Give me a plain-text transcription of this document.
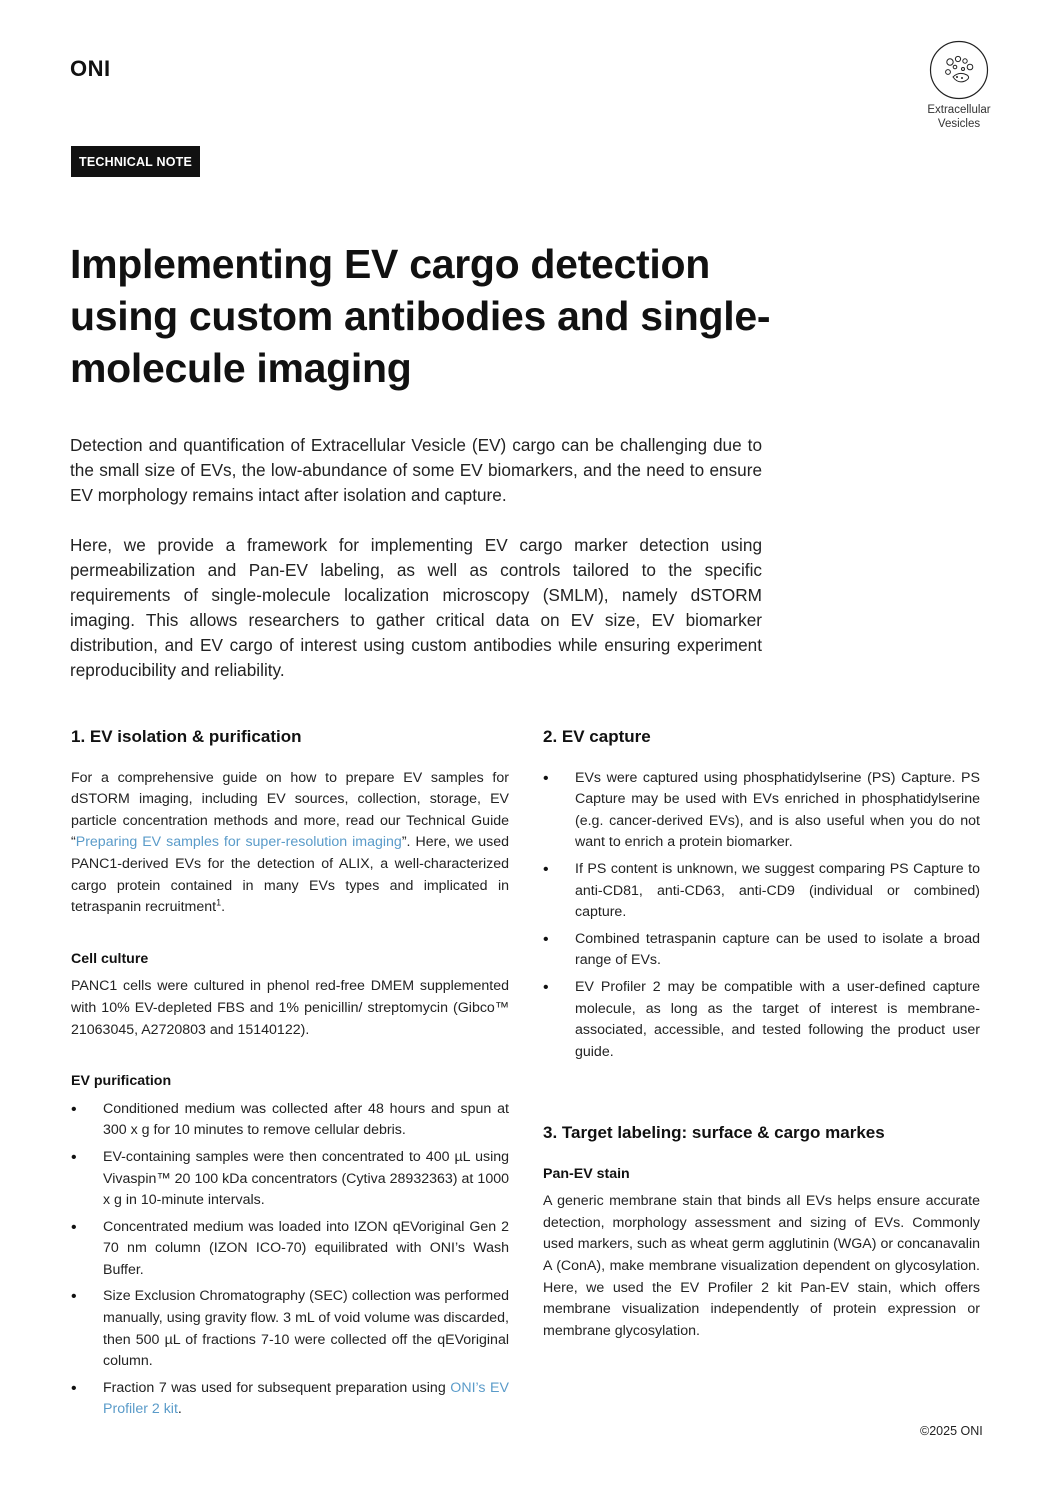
ONI
Extracellular
Vesicles
TECHNICAL NOTE
Implementing EV cargo detection using custom antibodies and single-molecule imaging

Detection and quantification of Extracellular Vesicle (EV) cargo can be challenging due to the small size of EVs, the low-abundance of some EV biomarkers, and the need to ensure EV morphology remains intact after isolation and capture.

Here, we provide a framework for implementing EV cargo marker detection using permeabilization and Pan-EV labeling, as well as controls tailored to the specific requirements of single-molecule localization microscopy (SMLM), namely dSTORM imaging. This allows researchers to gather critical data on EV size, EV biomarker distribution, and EV cargo of interest using custom antibodies while ensuring experiment reproducibility and reliability.

1. EV isolation & purification

For a comprehensive guide on how to prepare EV samples for dSTORM imaging, including EV sources, collection, storage, EV particle concentration methods and more, read our Technical Guide “Preparing EV samples for super-resolution imaging”. Here, we used PANC1-derived EVs for the detection of ALIX, a well-characterized cargo protein contained in many EVs types and implicated in tetraspanin recruitment$^1$.

Cell culture

PANC1 cells were cultured in phenol red-free DMEM supplemented with 10% EV-depleted FBS and 1% penicillin/ streptomycin (Gibco™ 21063045, A2720803 and 15140122).

EV purification
• Conditioned medium was collected after 48 hours and spun at 300 x g for 10 minutes to remove cellular debris.
• EV-containing samples were then concentrated to 400 µL using Vivaspin™ 20 100 kDa concentrators (Cytiva 28932363) at 1000 x g in 10-minute intervals.
• Concentrated medium was loaded into IZON qEVoriginal Gen 2 70 nm column (IZON ICO-70) equilibrated with ONI’s Wash Buffer.
• Size Exclusion Chromatography (SEC) collection was performed manually, using gravity flow. 3 mL of void volume was discarded, then 500 µL of fractions 7-10 were collected off the qEVoriginal column.
• Fraction 7 was used for subsequent preparation using ONI’s EV Profiler 2 kit.
2. EV capture
• EVs were captured using phosphatidylserine (PS) Capture. PS Capture may be used with EVs enriched in phosphatidylserine (e.g. cancer-derived EVs), and is also useful when you do not want to enrich a protein biomarker.
• If PS content is unknown, we suggest comparing PS Capture to anti-CD81, anti-CD63, anti-CD9 (individual or combined) capture.
• Combined tetraspanin capture can be used to isolate a broad range of EVs.
• EV Profiler 2 may be compatible with a user-defined capture molecule, as long as the target of interest is membrane-associated, accessible, and tested following the product user guide.
3. Target labeling: surface & cargo markes
Pan-EV stain

A generic membrane stain that binds all EVs helps ensure accurate detection, morphology assessment and sizing of EVs. Commonly used markers, such as wheat germ agglutinin (WGA) or concanavalin A (ConA), make membrane visualization dependent on glycosylation. Here, we used the EV Profiler 2 kit Pan-EV stain, which offers membrane visualization independently of protein expression or membrane glycosylation.

©2025 ONI
